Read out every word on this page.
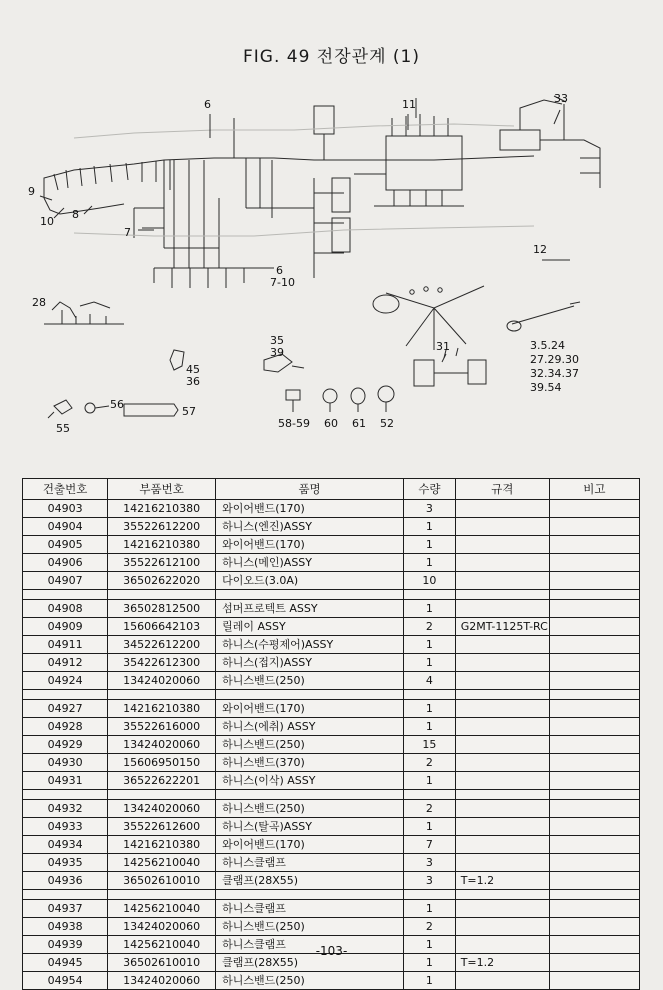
FIG. 49 전장관계 (1)
6	11	33
9
10
8
7
12
6
7-10
28
35
39
45
36
31
55
56
57
58-59 60 61 52
3.5.24
27.29.30
32.34.37
39.54
건출번호	부품번호	품명	수량	규격	비고
04903	14216210380	와이어밴드(170)	3		
04904	35522612200	하니스(엔진)ASSY	1		
04905	14216210380	와이어밴드(170)	1		
04906	35522612100	하니스(메인)ASSY	1		
04907	36502622020	다이오드(3.0A)	10		

04908	36502812500	섬머프로텍트 ASSY	1		
04909	15606642103	릴레이 ASSY	2	G2MT-1125T-RC	
04911	34522612200	하니스(수평제어)ASSY	1		
04912	35422612300	하니스(접지)ASSY	1		
04924	13424020060	하니스밴드(250)	4		

04927	14216210380	와이어밴드(170)	1		
04928	35522616000	하니스(에취) ASSY	1		
04929	13424020060	하니스밴드(250)	15		
04930	15606950150	하니스밴드(370)	2		
04931	36522622201	하니스(이삭) ASSY	1		

04932	13424020060	하니스밴드(250)	2		
04933	35522612600	하니스(탈곡)ASSY	1		
04934	14216210380	와이어밴드(170)	7		
04935	14256210040	하니스클램프	3		
04936	36502610010	클램프(28X55)	3	T=1.2	

04937	14256210040	하니스클램프	1		
04938	13424020060	하니스밴드(250)	2		
04939	14256210040	하니스클램프	1		
04945	36502610010	클램프(28X55)	1	T=1.2	
04954	13424020060	하니스밴드(250)	1		
-103-
